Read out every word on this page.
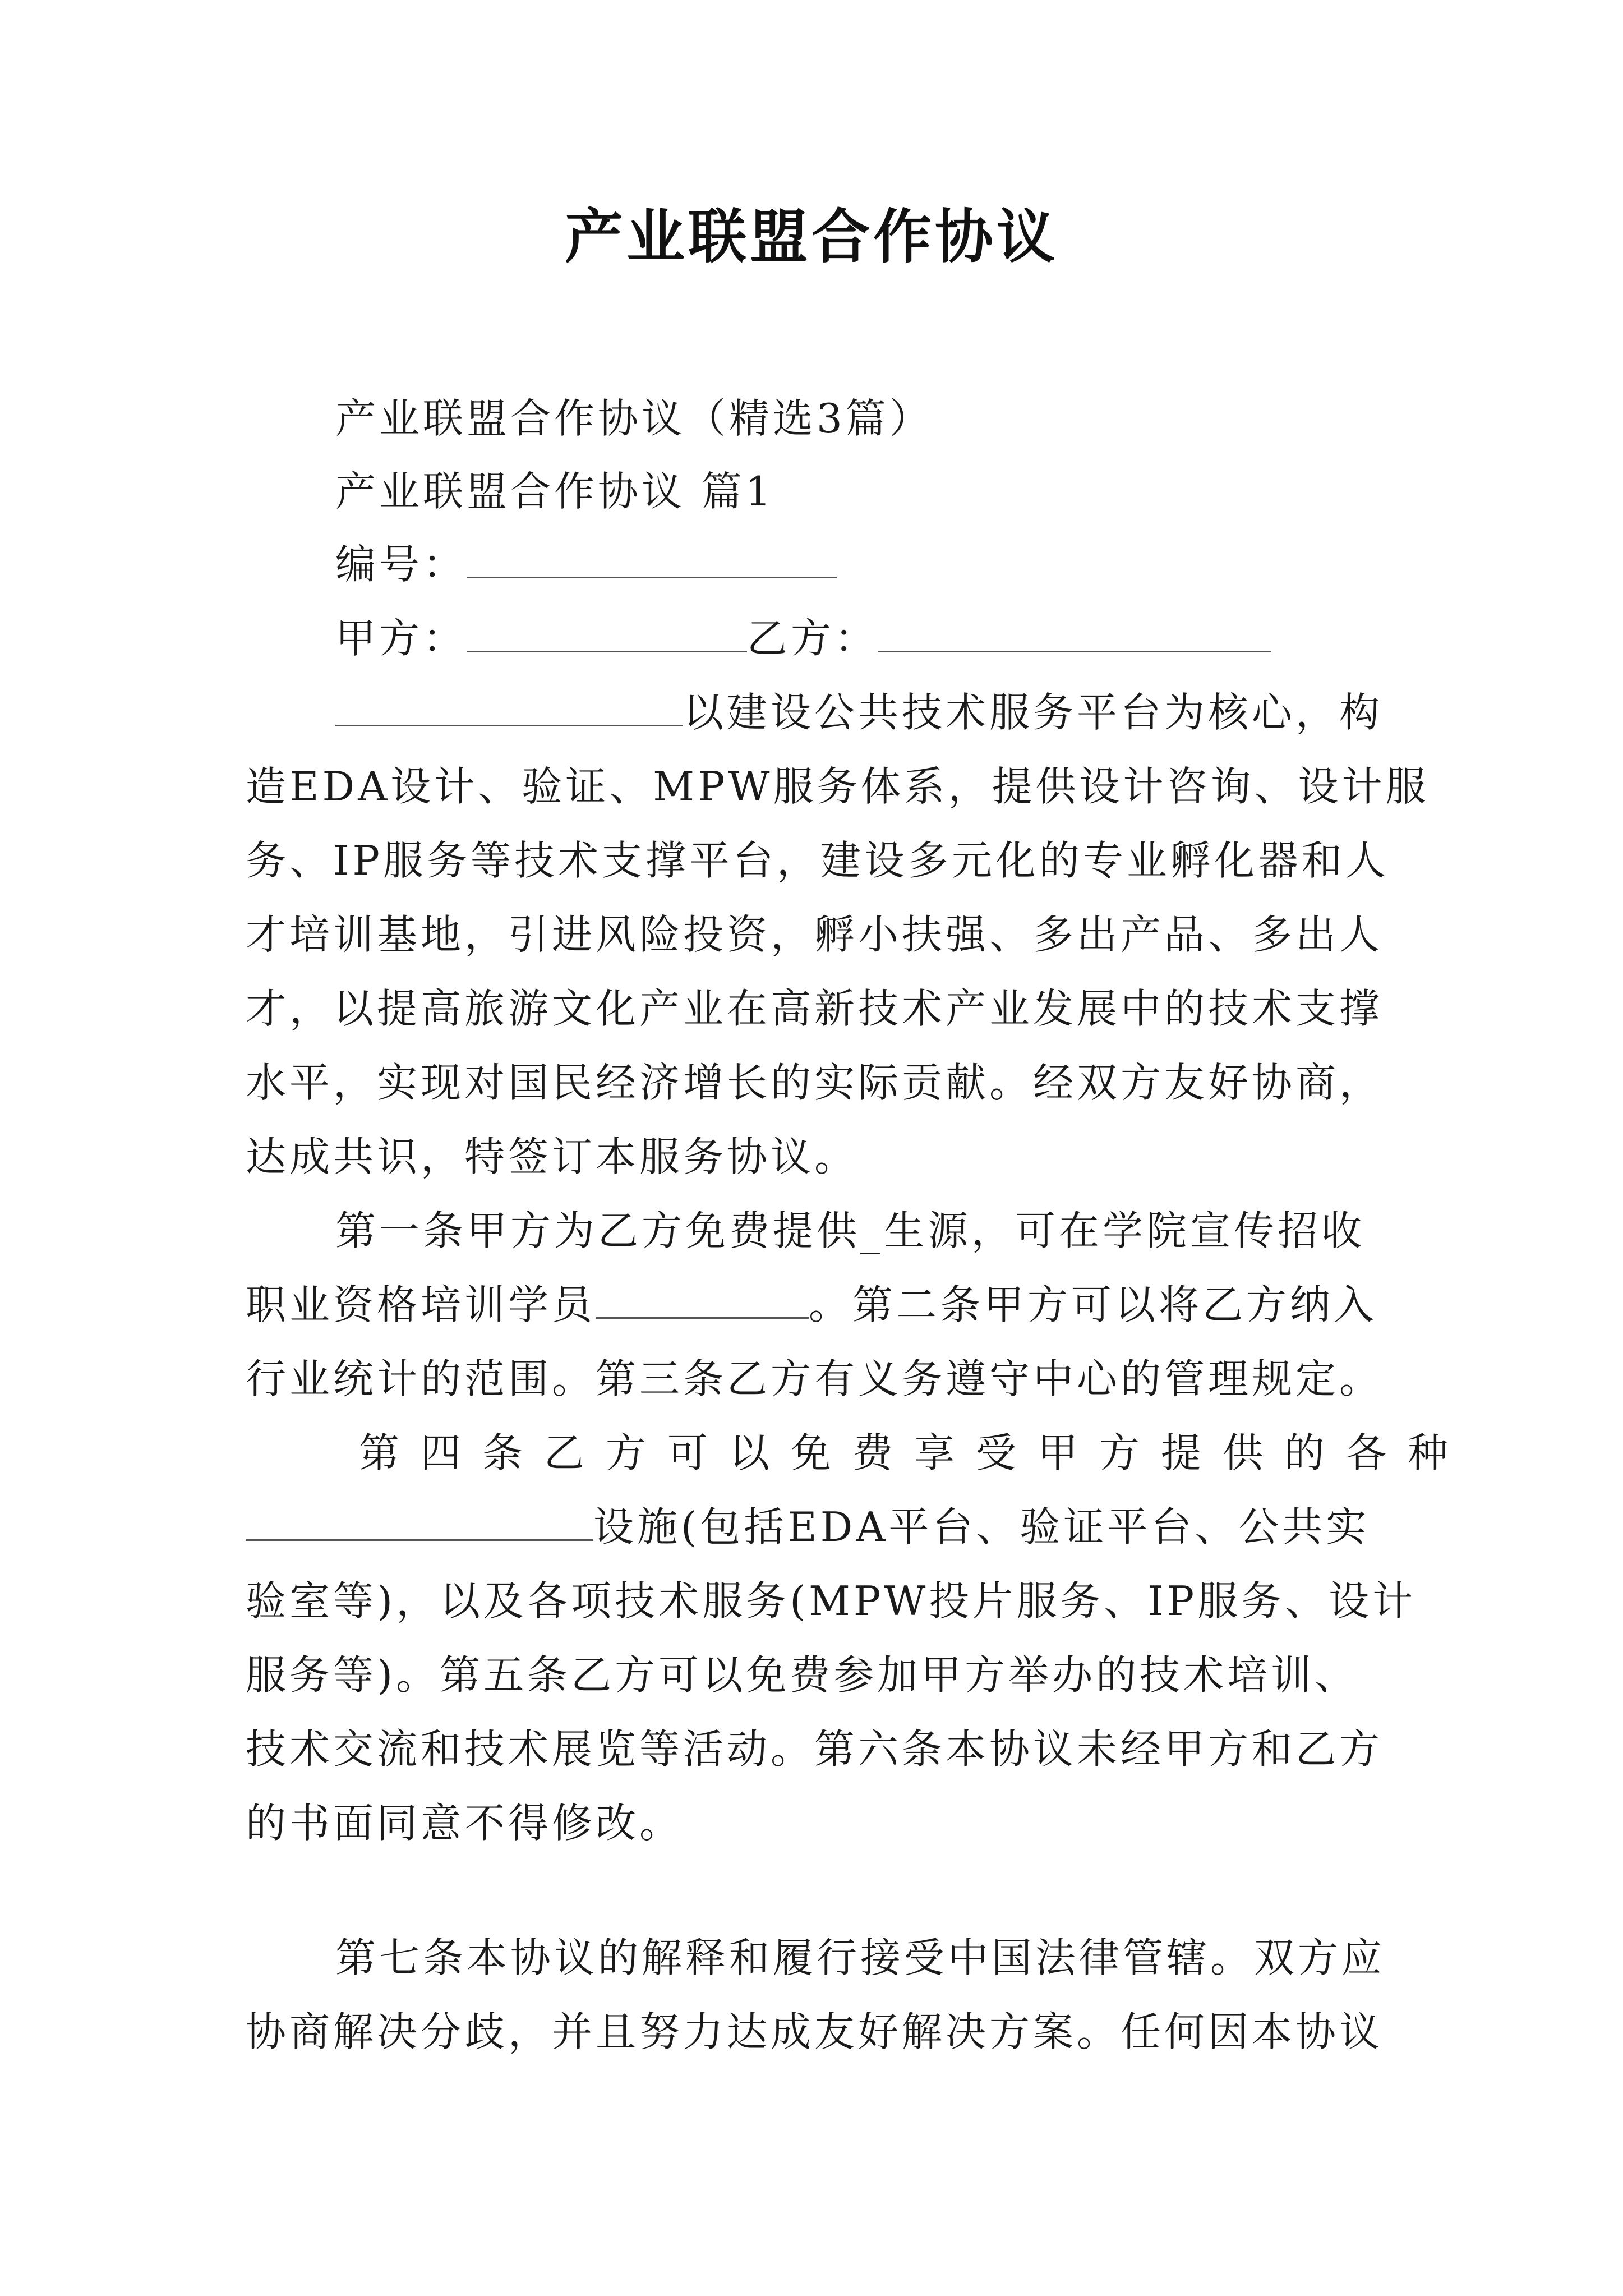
产业联盟合作协议
产业联盟合作协议（精选3篇）
产业联盟合作协议 篇1
编号：
甲方：	乙方：
以建设公共技术服务平台为核心，构
造EDA设计、验证、MPW服务体系，提供设计咨询、设计服
务、IP服务等技术支撑平台，建设多元化的专业孵化器和人
才培训基地，引进风险投资，孵小扶强、多出产品、多出人
才，以提高旅游文化产业在高新技术产业发展中的技术支撑
水平，实现对国民经济增长的实际贡献。经双方友好协商，
达成共识，特签订本服务协议。
第一条甲方为乙方免费提供_生源，可在学院宣传招收
职业资格培训学员	。第二条甲方可以将乙方纳入
行业统计的范围。第三条乙方有义务遵守中心的管理规定。
第四条乙方可以免费享受甲方提供的各种
设施(包括EDA平台、验证平台、公共实
验室等)，以及各项技术服务(MPW投片服务、IP服务、设计
服务等)。第五条乙方可以免费参加甲方举办的技术培训、
技术交流和技术展览等活动。第六条本协议未经甲方和乙方
的书面同意不得修改。
第七条本协议的解释和履行接受中国法律管辖。双方应
协商解决分歧，并且努力达成友好解决方案。任何因本协议
